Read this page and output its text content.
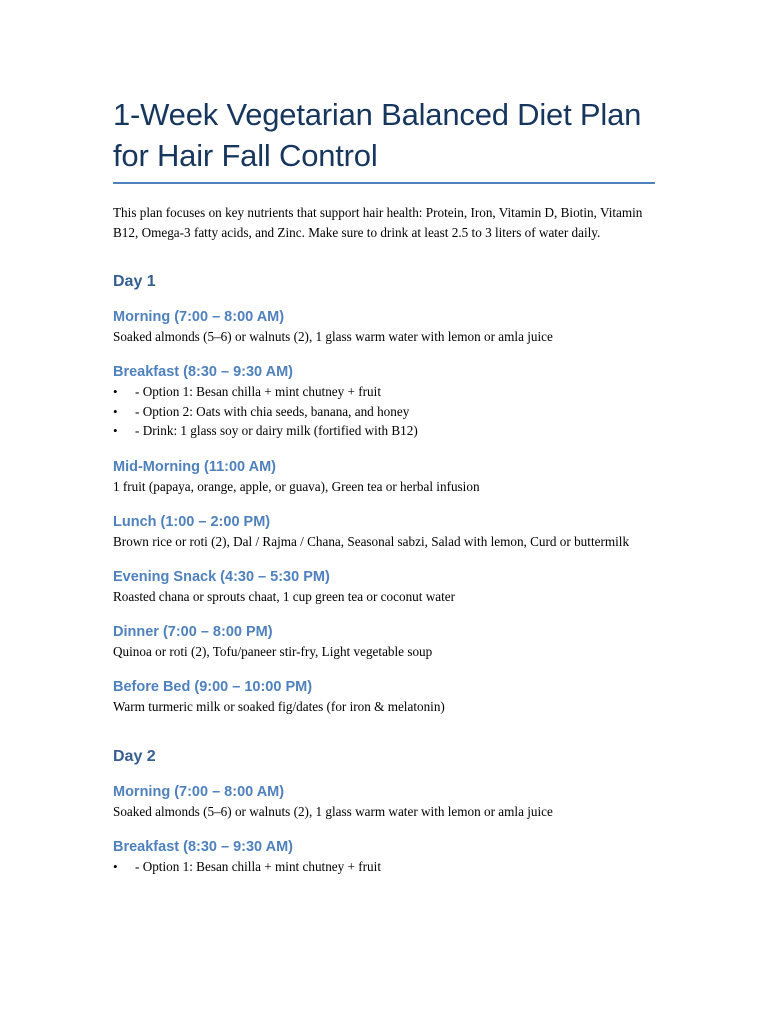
1-Week Vegetarian Balanced Diet Plan for Hair Fall Control

This plan focuses on key nutrients that support hair health: Protein, Iron, Vitamin D, Biotin, Vitamin B12, Omega-3 fatty acids, and Zinc. Make sure to drink at least 2.5 to 3 liters of water daily.

Day 1
Morning (7:00 – 8:00 AM)

Soaked almonds (5–6) or walnuts (2), 1 glass warm water with lemon or amla juice

Breakfast (8:30 – 9:30 AM)
• - Option 1: Besan chilla + mint chutney + fruit
• - Option 2: Oats with chia seeds, banana, and honey
• - Drink: 1 glass soy or dairy milk (fortified with B12)
Mid-Morning (11:00 AM)

1 fruit (papaya, orange, apple, or guava), Green tea or herbal infusion

Lunch (1:00 – 2:00 PM)

Brown rice or roti (2), Dal / Rajma / Chana, Seasonal sabzi, Salad with lemon, Curd or buttermilk

Evening Snack (4:30 – 5:30 PM)

Roasted chana or sprouts chaat, 1 cup green tea or coconut water

Dinner (7:00 – 8:00 PM)

Quinoa or roti (2), Tofu/paneer stir-fry, Light vegetable soup

Before Bed (9:00 – 10:00 PM)

Warm turmeric milk or soaked fig/dates (for iron & melatonin)

Day 2
Morning (7:00 – 8:00 AM)

Soaked almonds (5–6) or walnuts (2), 1 glass warm water with lemon or amla juice

Breakfast (8:30 – 9:30 AM)
• - Option 1: Besan chilla + mint chutney + fruit
